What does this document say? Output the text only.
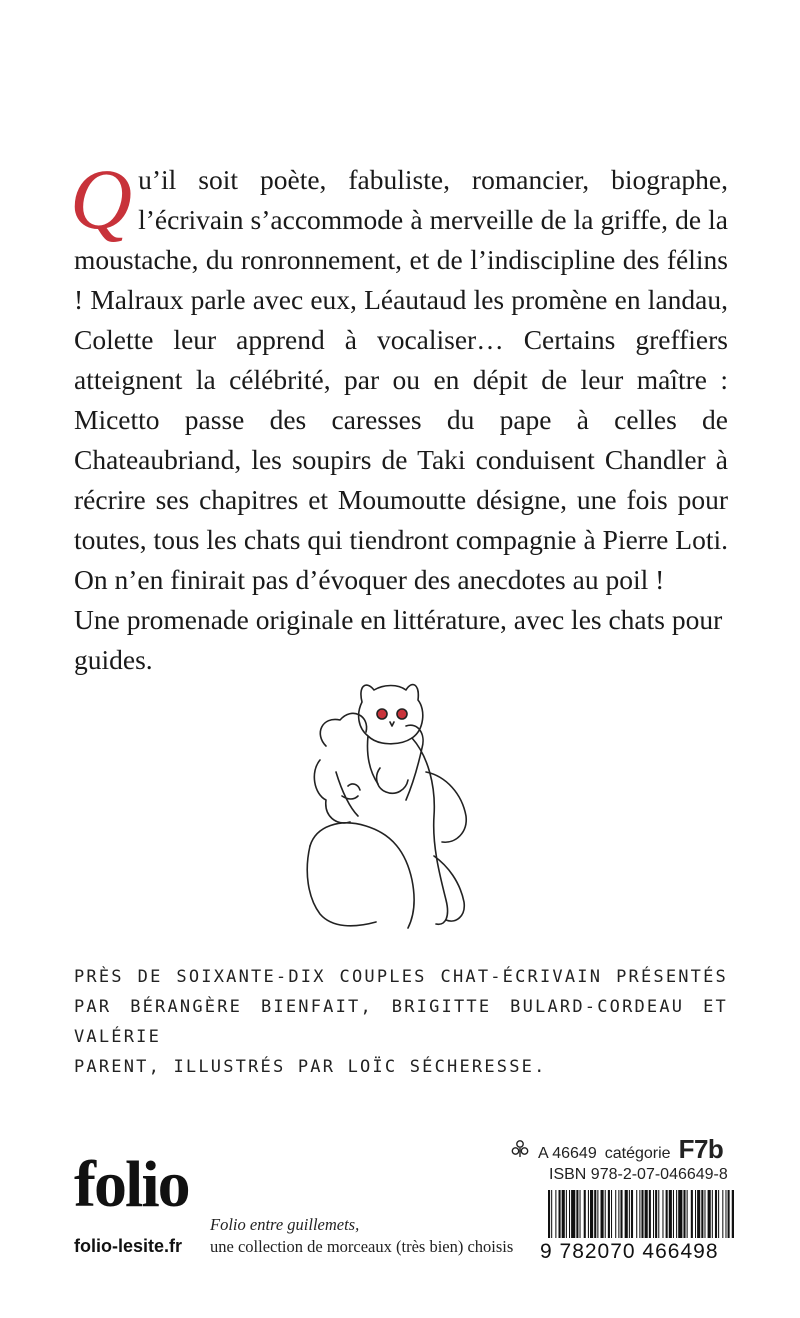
Qu’il soit poète, fabuliste, romancier, biographe, l’écrivain s’accommode à merveille de la griffe, de la moustache, du ronronnement, et de l’indiscipline des félins ! Malraux parle avec eux, Léautaud les promène en landau, Colette leur apprend à vocaliser… Certains greffiers atteignent la célébrité, par ou en dépit de leur maître : Micetto passe des caresses du pape à celles de Chateaubriand, les soupirs de Taki conduisent Chandler à récrire ses chapitres et Moumoutte désigne, une fois pour toutes, tous les chats qui tiendront compagnie à Pierre Loti. On n’en finirait pas d’évoquer des anecdotes au poil !

Une promenade originale en littérature, avec les chats pour guides.

PRÈS DE SOIXANTE-DIX COUPLES CHAT-ÉCRIVAIN PRÉSENTÉS PAR BÉRANGÈRE BIENFAIT, BRIGITTE BULARD-CORDEAU ET VALÉRIE
PARENT, ILLUSTRÉS PAR LOÏC SÉCHERESSE.
folio
folio-lesite.fr
Folio entre guillemets,
une collection de morceaux (très bien) choisis
A 46649 catégorie F7b
ISBN 978-2-07-046649-8
9 782070 466498
